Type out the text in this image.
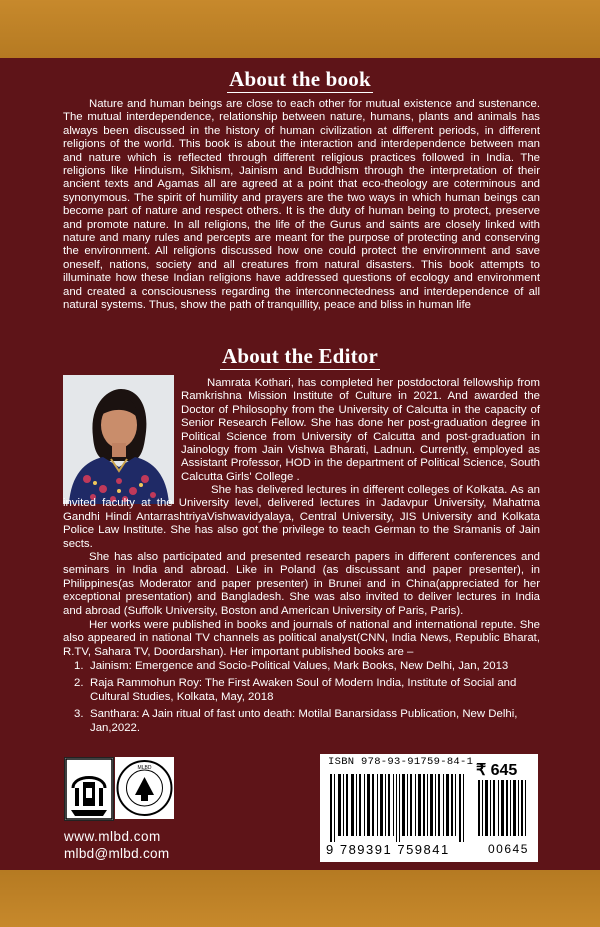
About the book
Nature and human beings are close to each other for mutual existence and sustenance. The mutual interdependence, relationship between nature, humans, plants and animals has always been discussed in the history of human civilization at different periods, in different religions of the world. This book is about the interaction and interdependence between man and nature which is reflected through different religious practices followed in India. The religions like Hinduism, Sikhism, Jainism and Buddhism through the interpretation of their ancient texts and Agamas all are agreed at a point that eco-theology are coterminous and synonymous. The spirit of humility and prayers are the two ways in which human beings can become part of nature and respect others. It is the duty of human being to protect, preserve and promote nature. In all religions, the life of the Gurus and saints are closely linked with nature and many rules and percepts are meant for the purpose of protecting and conserving the environment. All religions discussed how one could protect the environment and save oneself, nations, society and all creatures from natural disasters. This book attempts to illuminate how these Indian religions have addressed questions of ecology and environment and created a consciousness regarding the interconnectedness and interdependence of all natural systems. Thus, show the path of tranquillity, peace and bliss in human life
About the Editor
Namrata Kothari, has completed her postdoctoral fellowship from Ramkrishna Mission Institute of Culture in 2021. And awarded the Doctor of Philosophy from the University of Calcutta in the capacity of Senior Research Fellow. She has done her post-graduation degree in Political Science from University of Calcutta and post-graduation in Jainology from Jain Vishwa Bharati, Ladnun. Currently, employed as Assistant Professor, HOD in the department of Political Science, South Calcutta Girls' College .
She has delivered lectures in different colleges of Kolkata. As an invited faculty at the University level, delivered lectures in Jadavpur University, Mahatma Gandhi Hindi AntarrashtriyaVishwavidyalaya, Central University, JIS University and Kolkata Police Law Institute. She has also got the privilege to teach German to the Sramanis of Jain sects.
She has also participated and presented research papers in different conferences and seminars in India and abroad. Like in Poland (as discussant and paper presenter), in Philippines(as Moderator and paper presenter) in Brunei and in China(appreciated for her exceptional presentation) and Bangladesh. She was also invited to deliver lectures in India and abroad (Suffolk University, Boston and American University of Paris, Paris).
Her works were published in books and journals of national and international repute. She also appeared in national TV channels as political analyst(CNN, India News, Republic Bharat, R.TV, Sahara TV, Doordarshan). Her important published books are –
1. Jainism: Emergence and Socio-Political Values, Mark Books, New Delhi, Jan, 2013
2. Raja Rammohun Roy: The First Awaken Soul of Modern India, Institute of Social and Cultural Studies, Kolkata, May, 2018
3. Santhara: A Jain ritual of fast unto death: Motilal Banarsidass Publication, New Delhi, Jan,2022.
MLBD
www.mlbd.com
mlbd@mlbd.com
ISBN 978-93-91759-84-1 ₹ 645
9 789391 759841	00645
